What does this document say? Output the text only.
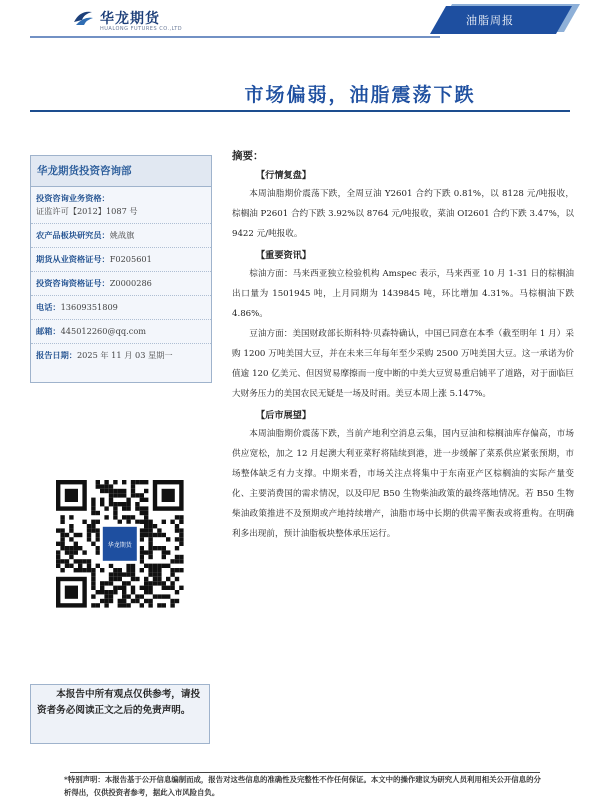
华龙期货
HUALONG FUTURES CO.,LTD
油脂周报
市场偏弱，油脂震荡下跌
华龙期货投资咨询部
投资咨询业务资格：
证监许可【2012】1087 号
农产品板块研究员：姚战旗
期货从业资格证号：F0205601
投资咨询资格证号：Z0000286
电话：13609351809
邮箱：445012260@qq.com
报告日期：2025 年 11 月 03 星期一
华龙期货
本报告中所有观点仅供参考，请投资者务必阅读正文之后的免责声明。
摘要：
【行情复盘】

本周油脂期价震荡下跌，全周豆油 Y2601 合约下跌 0.81%，以 8128 元/吨报收，棕榈油 P2601 合约下跌 3.92%以 8764 元/吨报收，菜油 OI2601 合约下跌 3.47%，以 9422 元/吨报收。

【重要资讯】

棕油方面：马来西亚独立检验机构 Amspec 表示，马来西亚 10 月 1-31 日的棕榈油出口量为 1501945 吨，上月同期为 1439845 吨，环比增加 4.31%。马棕榈油下跌 4.86%。

豆油方面：美国财政部长斯科特·贝森特确认，中国已同意在本季（截至明年 1 月）采购 1200 万吨美国大豆，并在未来三年每年至少采购 2500 万吨美国大豆。这一承诺为价值逾 120 亿美元、但因贸易摩擦而一度中断的中美大豆贸易重启铺平了道路，对于面临巨大财务压力的美国农民无疑是一场及时雨。美豆本周上涨 5.147%。

【后市展望】

本周油脂期价震荡下跌，当前产地利空消息云集，国内豆油和棕榈油库存偏高，市场供应宽松，加之 12 月起澳大利亚菜籽将陆续到港，进一步缓解了菜系供应紧张预期，市场整体缺乏有力支撑。中期来看，市场关注点将集中于东南亚产区棕榈油的实际产量变化、主要消费国的需求情况，以及印尼 B50 生物柴油政策的最终落地情况。若 B50 生物柴油政策推进不及预期或产地持续增产，油脂市场中长期的供需平衡表或将重构。在明确利多出现前，预计油脂板块整体承压运行。

*特别声明：本报告基于公开信息编制而成，报告对这些信息的准确性及完整性不作任何保证。本文中的操作建议为研究人员利用相关公开信息的分析得出，仅供投资者参考，据此入市风险自负。
